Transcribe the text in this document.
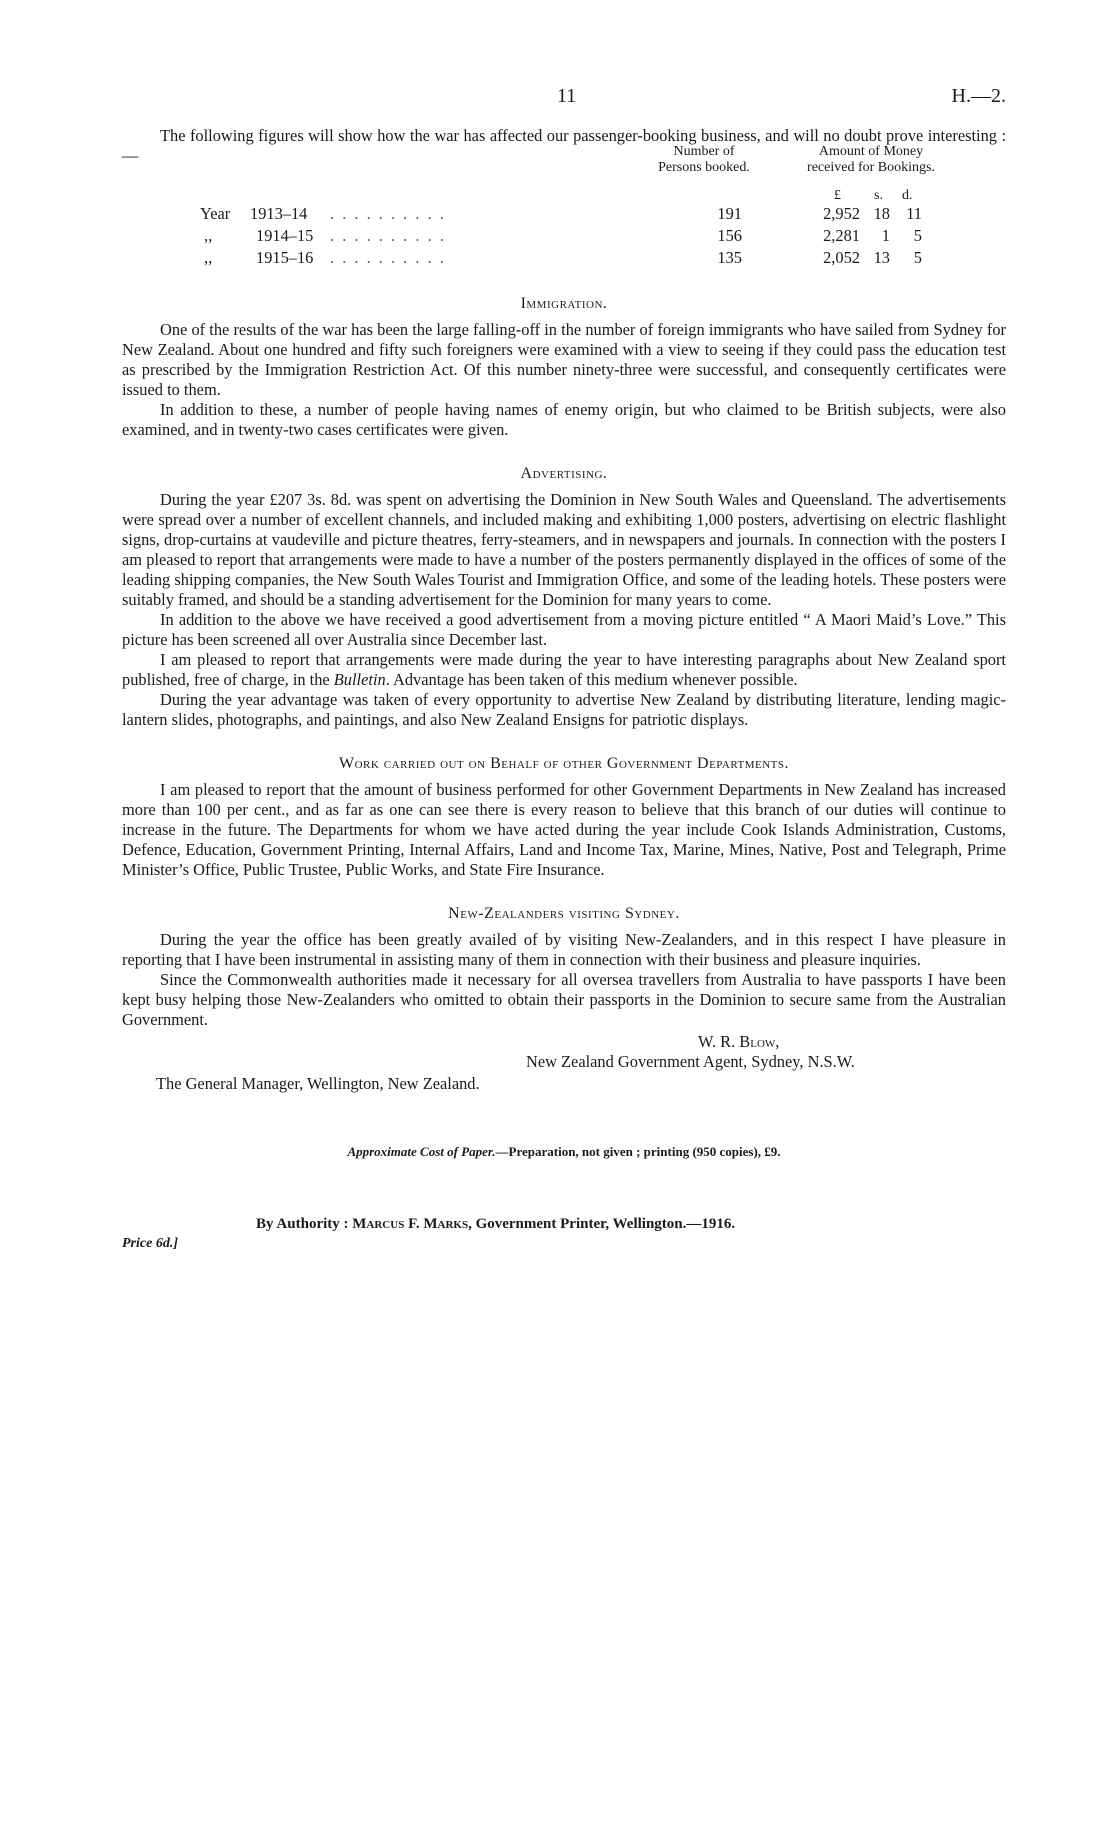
11	H.—2.

The following figures will show how the war has affected our passenger-booking business, and will no doubt prove interesting :—	Number of
Persons booked.
Amount of Money
received for Bookings.
£ s. d.
Year 1913–14 . . . . . . . . . .	191	2,952 18 11
,,	1914–15 . . . . . . . . . .	156	2,281	1	5
,,	1915–16 . . . . . . . . . .	135	2,052 13	5
Immigration.

One of the results of the war has been the large falling-off in the number of foreign immigrants who have sailed from Sydney for New Zealand. About one hundred and fifty such foreigners were examined with a view to seeing if they could pass the education test as prescribed by the Immigration Restriction Act. Of this number ninety-three were successful, and consequently certificates were issued to them.

In addition to these, a number of people having names of enemy origin, but who claimed to be British subjects, were also examined, and in twenty-two cases certificates were given.

Advertising.

During the year £207 3s. 8d. was spent on advertising the Dominion in New South Wales and Queensland. The advertisements were spread over a number of excellent channels, and included making and exhibiting 1,000 posters, advertising on electric flashlight signs, drop-curtains at vaudeville and picture theatres, ferry-steamers, and in newspapers and journals. In connection with the posters I am pleased to report that arrangements were made to have a number of the posters permanently displayed in the offices of some of the leading shipping companies, the New South Wales Tourist and Immigration Office, and some of the leading hotels. These posters were suitably framed, and should be a standing advertisement for the Dominion for many years to come.

In addition to the above we have received a good advertisement from a moving picture entitled “ A Maori Maid’s Love.” This picture has been screened all over Australia since December last.

I am pleased to report that arrangements were made during the year to have interesting paragraphs about New Zealand sport published, free of charge, in the Bulletin. Advantage has been taken of this medium whenever possible.

During the year advantage was taken of every opportunity to advertise New Zealand by distributing literature, lending magic-lantern slides, photographs, and paintings, and also New Zealand Ensigns for patriotic displays.

Work carried out on Behalf of other Government Departments.

I am pleased to report that the amount of business performed for other Government Departments in New Zealand has increased more than 100 per cent., and as far as one can see there is every reason to believe that this branch of our duties will continue to increase in the future. The Departments for whom we have acted during the year include Cook Islands Administration, Customs, Defence, Education, Government Printing, Internal Affairs, Land and Income Tax, Marine, Mines, Native, Post and Telegraph, Prime Minister’s Office, Public Trustee, Public Works, and State Fire Insurance.

New-Zealanders visiting Sydney.

During the year the office has been greatly availed of by visiting New-Zealanders, and in this respect I have pleasure in reporting that I have been instrumental in assisting many of them in connection with their business and pleasure inquiries.

Since the Commonwealth authorities made it necessary for all oversea travellers from Australia to have passports I have been kept busy helping those New-Zealanders who omitted to obtain their passports in the Dominion to secure same from the Australian Government.

W. R. Blow,
New Zealand Government Agent, Sydney, N.S.W.
The General Manager, Wellington, New Zealand.
Approximate Cost of Paper.—Preparation, not given ; printing (950 copies), £9.
Price 6d.]
By Authority : Marcus F. Marks, Government Printer, Wellington.—1916.
